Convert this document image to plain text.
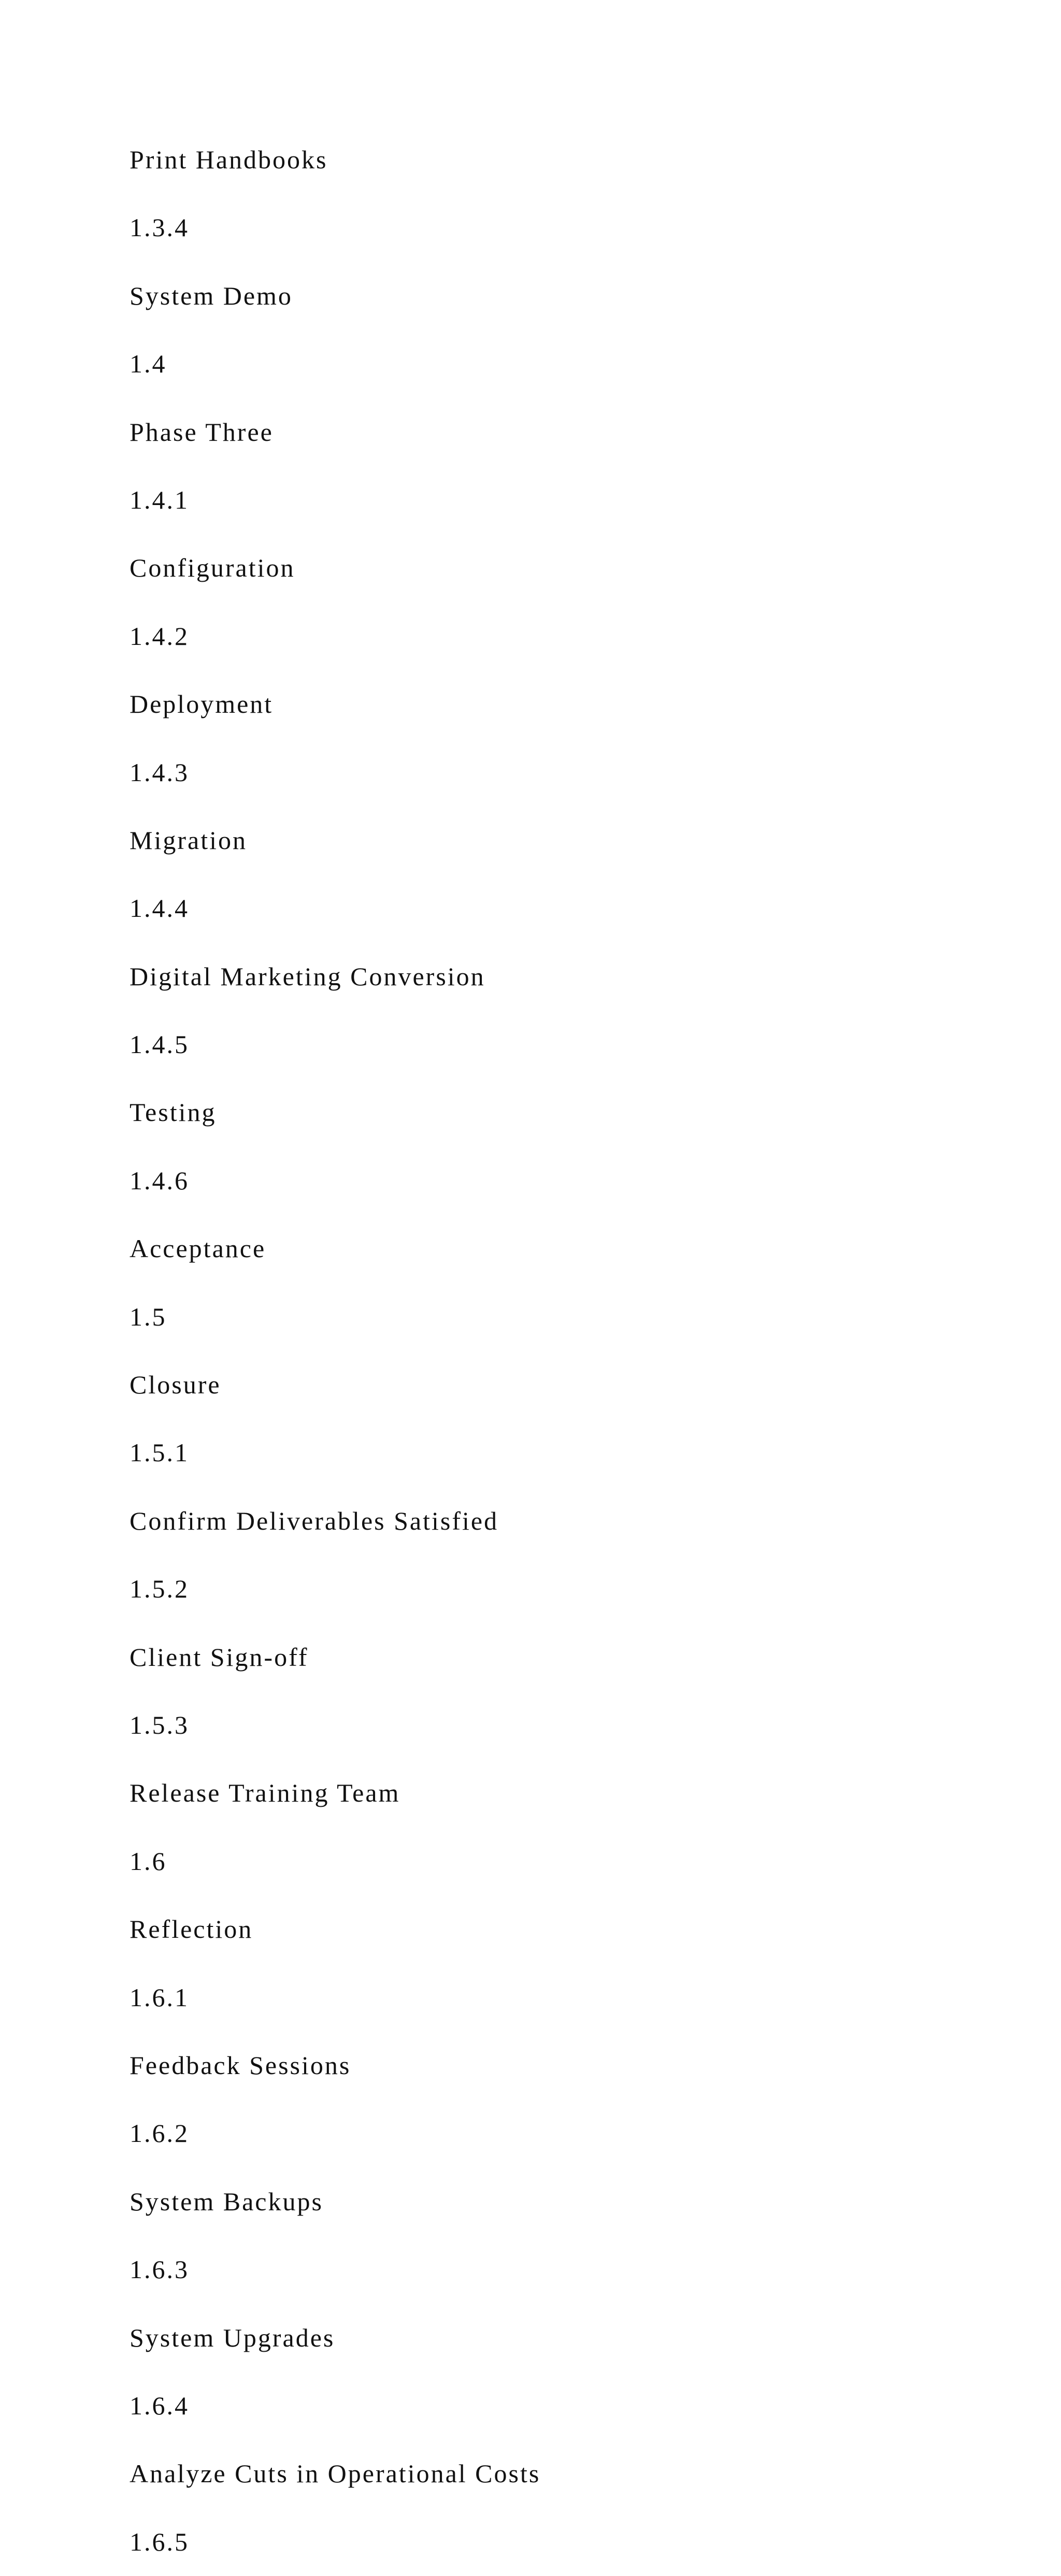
Print Handbooks
1.3.4
System Demo
1.4
Phase Three
1.4.1
Configuration
1.4.2
Deployment
1.4.3
Migration
1.4.4
Digital Marketing Conversion
1.4.5
Testing
1.4.6
Acceptance
1.5
Closure
1.5.1
Confirm Deliverables Satisfied
1.5.2
Client Sign-off
1.5.3
Release Training Team
1.6
Reflection
1.6.1
Feedback Sessions
1.6.2
System Backups
1.6.3
System Upgrades
1.6.4
Analyze Cuts in Operational Costs
1.6.5
